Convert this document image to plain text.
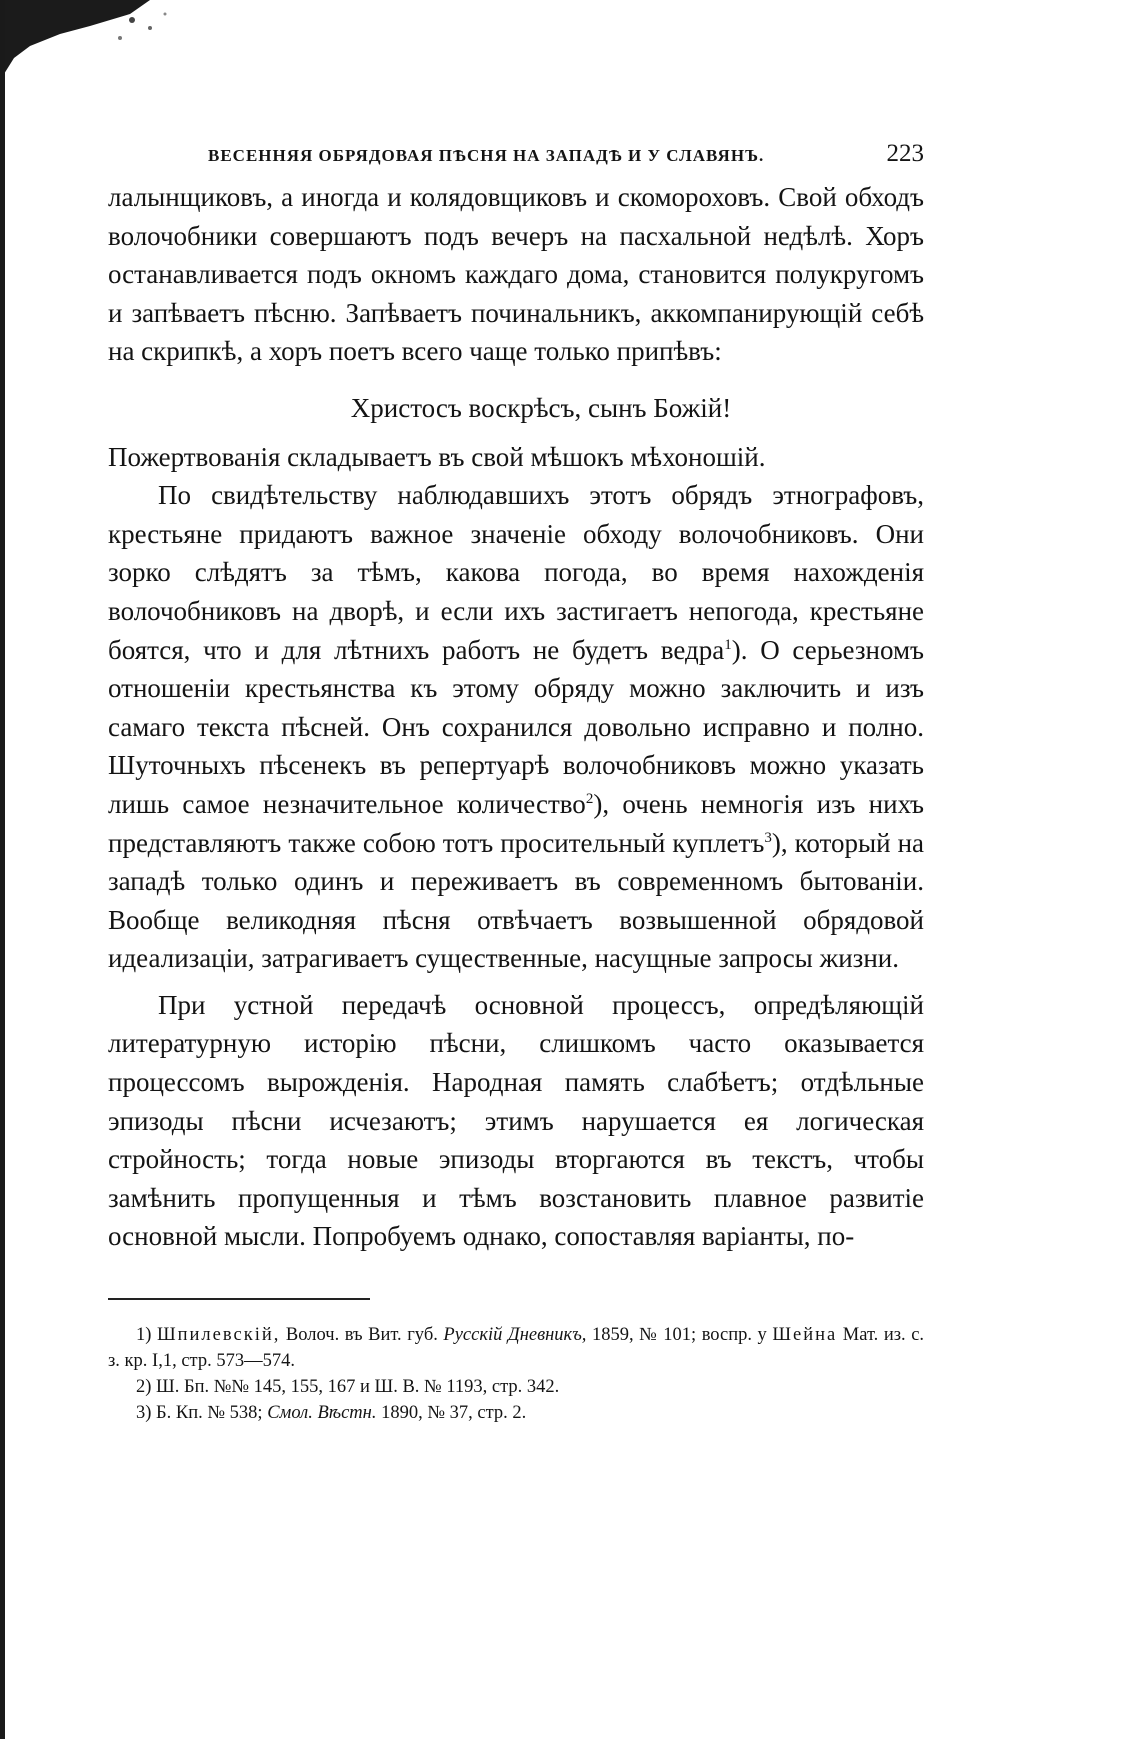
ВЕСЕННЯЯ ОБРЯДОВАЯ ПѢСНЯ НА ЗАПАДѢ И У СЛАВЯНЪ.	223

лалынщиковъ, а иногда и колядовщиковъ и скомороховъ. Свой обходъ волочобники совершаютъ подъ вечеръ на пасхальной недѣлѣ. Хоръ останавливается подъ окномъ каждаго дома, становится полукругомъ и запѣваетъ пѣсню. Запѣваетъ починальникъ, аккомпанирующій себѣ на скрипкѣ, а хоръ поетъ всего чаще только припѣвъ:

Христосъ воскрѣсъ, сынъ Божій!

Пожертвованія складываетъ въ свой мѣшокъ мѣхоношій.

По свидѣтельству наблюдавшихъ этотъ обрядъ этнографовъ, крестьяне придаютъ важное значеніе обходу волочобниковъ. Они зорко слѣдятъ за тѣмъ, какова погода, во время нахожденія волочобниковъ на дворѣ, и если ихъ застигаетъ непогода, крестьяне боятся, что и для лѣтнихъ работъ не будетъ ведра$^1$). О серьезномъ отношеніи крестьянства къ этому обряду можно заключить и изъ самаго текста пѣсней. Онъ сохранился довольно исправно и полно. Шуточныхъ пѣсенекъ въ репертуарѣ волочобниковъ можно указать лишь самое незначительное количество$^2$), очень немногія изъ нихъ представляютъ также собою тотъ просительный куплетъ$^3$), который на западѣ только одинъ и переживаетъ въ современномъ бытованіи. Вообще великодняя пѣсня отвѣчаетъ возвышенной обрядовой идеализаціи, затрагиваетъ существенные, насущные запросы жизни.

При устной передачѣ основной процессъ, опредѣляющій литературную исторію пѣсни, слишкомъ часто оказывается процессомъ вырожденія. Народная память слабѣетъ; отдѣльные эпизоды пѣсни исчезаютъ; этимъ нарушается ея логическая стройность; тогда новые эпизоды вторгаются въ текстъ, чтобы замѣнить пропущенныя и тѣмъ возстановить плавное развитіе основной мысли. Попробуемъ однако, сопоставляя варіанты, по-

1) Шпилевскій, Волоч. въ Вит. губ. Русскій Дневникъ, 1859, № 101; воспр. у Шейна Мат. из. с. з. кр. I,1, стр. 573—574.

2) Ш. Бп. №№ 145, 155, 167 и Ш. В. № 1193, стр. 342.

3) Б. Кп. № 538; Смол. Вѣстн. 1890, № 37, стр. 2.
